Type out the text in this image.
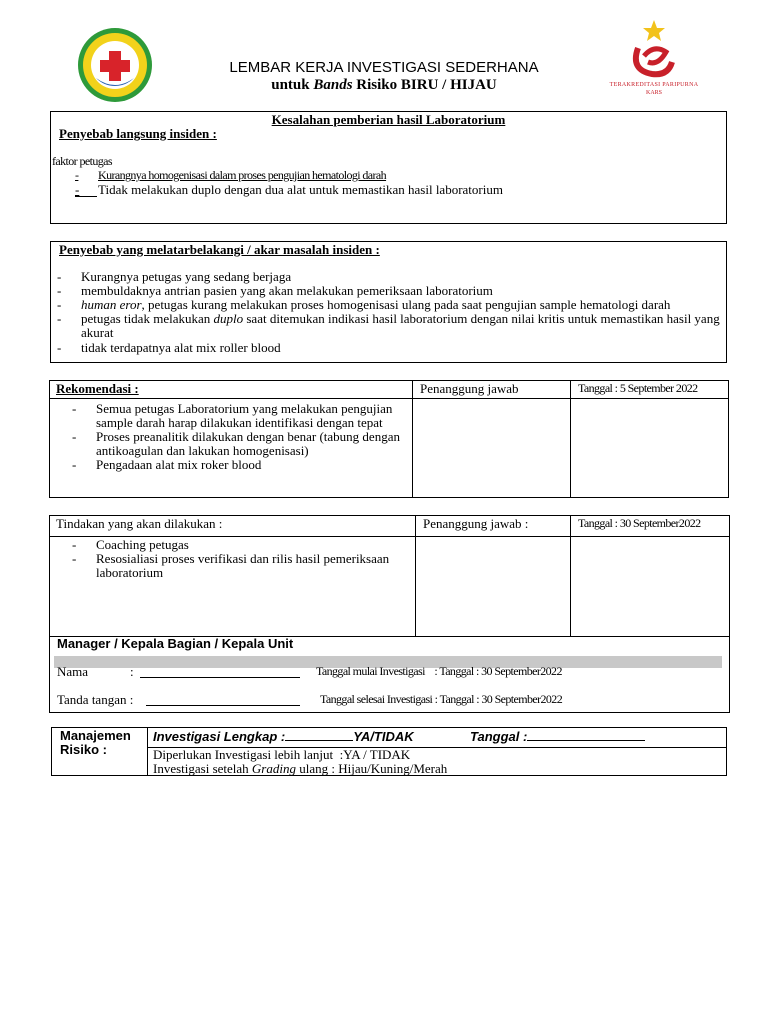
LEMBAR KERJA INVESTIGASI SEDERHANA
untuk Bands Risiko BIRU / HIJAU	TERAKREDITASI PARIPURNA
KARS
Kesalahan pemberian hasil Laboratorium
Penyebab langsung insiden :
faktor petugas
-	Kurangnya homogenisasi dalam proses pengujian hematologi darah
-	Tidak melakukan duplo dengan dua alat untuk memastikan hasil laboratorium
Penyebab yang melatarbelakangi / akar masalah insiden :
- Kurangnya petugas yang sedang berjaga
- membuldaknya antrian pasien yang akan melakukan pemeriksaan laboratorium
- human eror, petugas kurang melakukan proses homogenisasi ulang pada saat pengujian sample hematologi darah
- petugas tidak melakukan duplo saat ditemukan indikasi hasil laboratorium dengan nilai kritis untuk memastikan hasil yang
akurat
- tidak terdapatnya alat mix roller blood
Rekomendasi :	Penanggung jawab	Tanggal : 5 September 2022
- Semua petugas Laboratorium yang melakukan pengujian
sample darah harap dilakukan identifikasi dengan tepat
- Proses preanalitik dilakukan dengan benar (tabung dengan
antikoagulan dan lakukan homogenisasi)
- Pengadaan alat mix roker blood
Tindakan yang akan dilakukan :	Penanggung jawab :	Tanggal : 30 September2022
- Coaching petugas
- Resosialiasi proses verifikasi dan rilis hasil pemeriksaan
laboratorium
Manager / Kepala Bagian / Kepala Unit
Nama	:	Tanggal mulai Investigasi    : Tanggal : 30 September2022
Tanda tangan :	Tanggal selesai Investigasi : Tanggal : 30 September2022
Manajemen
Risiko :
Investigasi Lengkap :	YA/TIDAK	Tanggal :
Diperlukan Investigasi lebih lanjut  :YA / TIDAK
Investigasi setelah Grading ulang : Hijau/Kuning/Merah
